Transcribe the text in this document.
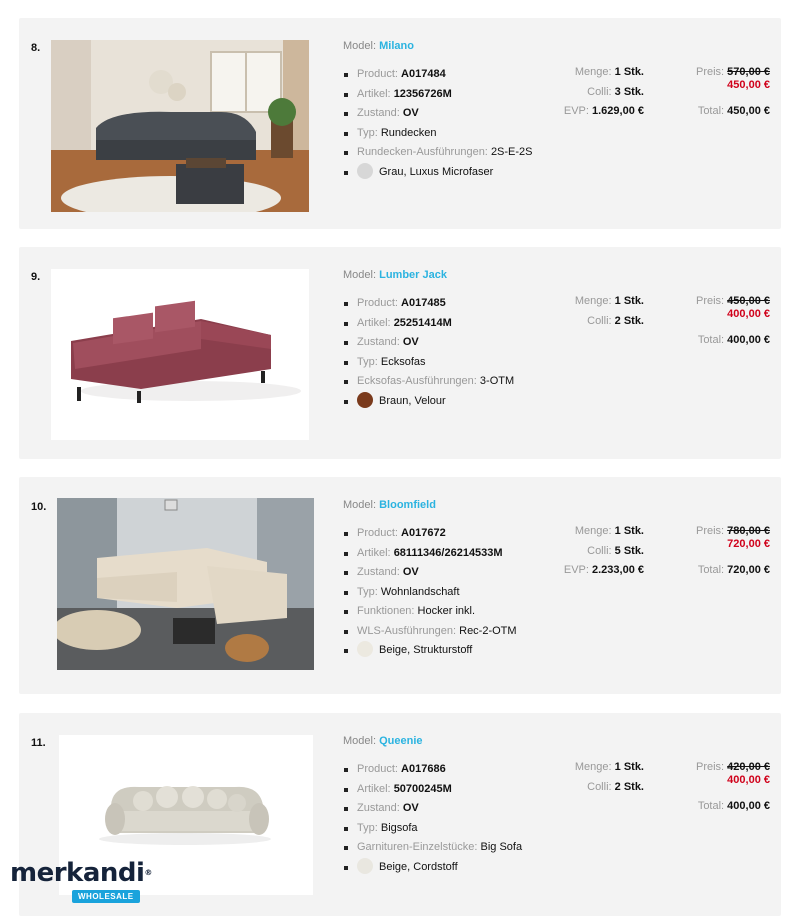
8.	Model: Milano
Product: A017484
Artikel: 12356726M
Zustand: OV
Typ: Rundecken
Rundecken-Ausführungen: 2S-E-2S
Grau, Luxus Microfaser
Menge: 1 Stk.
Colli: 3 Stk.
EVP: 1.629,00 €
Preis: 570,00 €
450,00 €
Total: 450,00 €
9.	Model: Lumber Jack
Product: A017485
Artikel: 25251414M
Zustand: OV
Typ: Ecksofas
Ecksofas-Ausführungen: 3-OTM
Braun, Velour
Menge: 1 Stk.
Colli: 2 Stk.
Preis: 450,00 €
400,00 €
Total: 400,00 €
10.	Model: Bloomfield
Product: A017672
Artikel: 68111346/26214533M
Zustand: OV
Typ: Wohnlandschaft
Funktionen: Hocker inkl.
WLS-Ausführungen: Rec-2-OTM
Beige, Strukturstoff
Menge: 1 Stk.
Colli: 5 Stk.
EVP: 2.233,00 €
Preis: 780,00 €
720,00 €
Total: 720,00 €
11.	Model: Queenie
Product: A017686
Artikel: 50700245M
Zustand: OV
Typ: Bigsofa
Garnituren-Einzelstücke: Big Sofa
Beige, Cordstoff
Menge: 1 Stk.
Colli: 2 Stk.
Preis: 420,00 €
400,00 €
Total: 400,00 €
merkandi®
WHOLESALE
